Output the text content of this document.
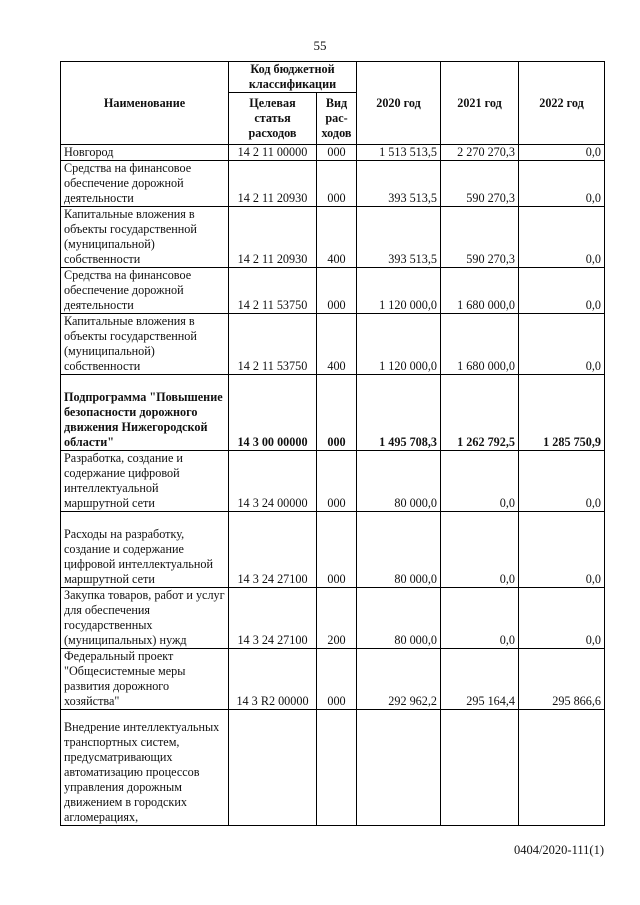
55
Наименование	Код бюджетной классификации		2020 год	2021 год	2022 год
	Целевая статья расходов	Вид рас-ходов			
Новгород	14 2 11 00000	000	1 513 513,5	2 270 270,3	0,0
Средства на финансовое обеспечение дорожной деятельности	14 2 11 20930	000	393 513,5	590 270,3	0,0
Капитальные вложения в объекты государственной (муниципальной) собственности	14 2 11 20930	400	393 513,5	590 270,3	0,0
Средства на финансовое обеспечение дорожной деятельности	14 2 11 53750	000	1 120 000,0	1 680 000,0	0,0
Капитальные вложения в объекты государственной (муниципальной) собственности	14 2 11 53750	400	1 120 000,0	1 680 000,0	0,0
Подпрограмма "Повышение безопасности дорожного движения Нижегородской области"	14 3 00 00000	000	1 495 708,3	1 262 792,5	1 285 750,9
Разработка, создание и содержание цифровой интеллектуальной маршрутной сети	14 3 24 00000	000	80 000,0	0,0	0,0
Расходы на разработку, создание и содержание цифровой интеллектуальной маршрутной сети	14 3 24 27100	000	80 000,0	0,0	0,0
Закупка товаров, работ и услуг для обеспечения государственных (муниципальных) нужд	14 3 24 27100	200	80 000,0	0,0	0,0
Федеральный проект "Общесистемные меры развития дорожного хозяйства"	14 3 R2 00000	000	292 962,2	295 164,4	295 866,6
Внедрение интеллектуальных транспортных систем, предусматривающих автоматизацию процессов управления дорожным движением в городских агломерациях,					
0404/2020-111(1)
